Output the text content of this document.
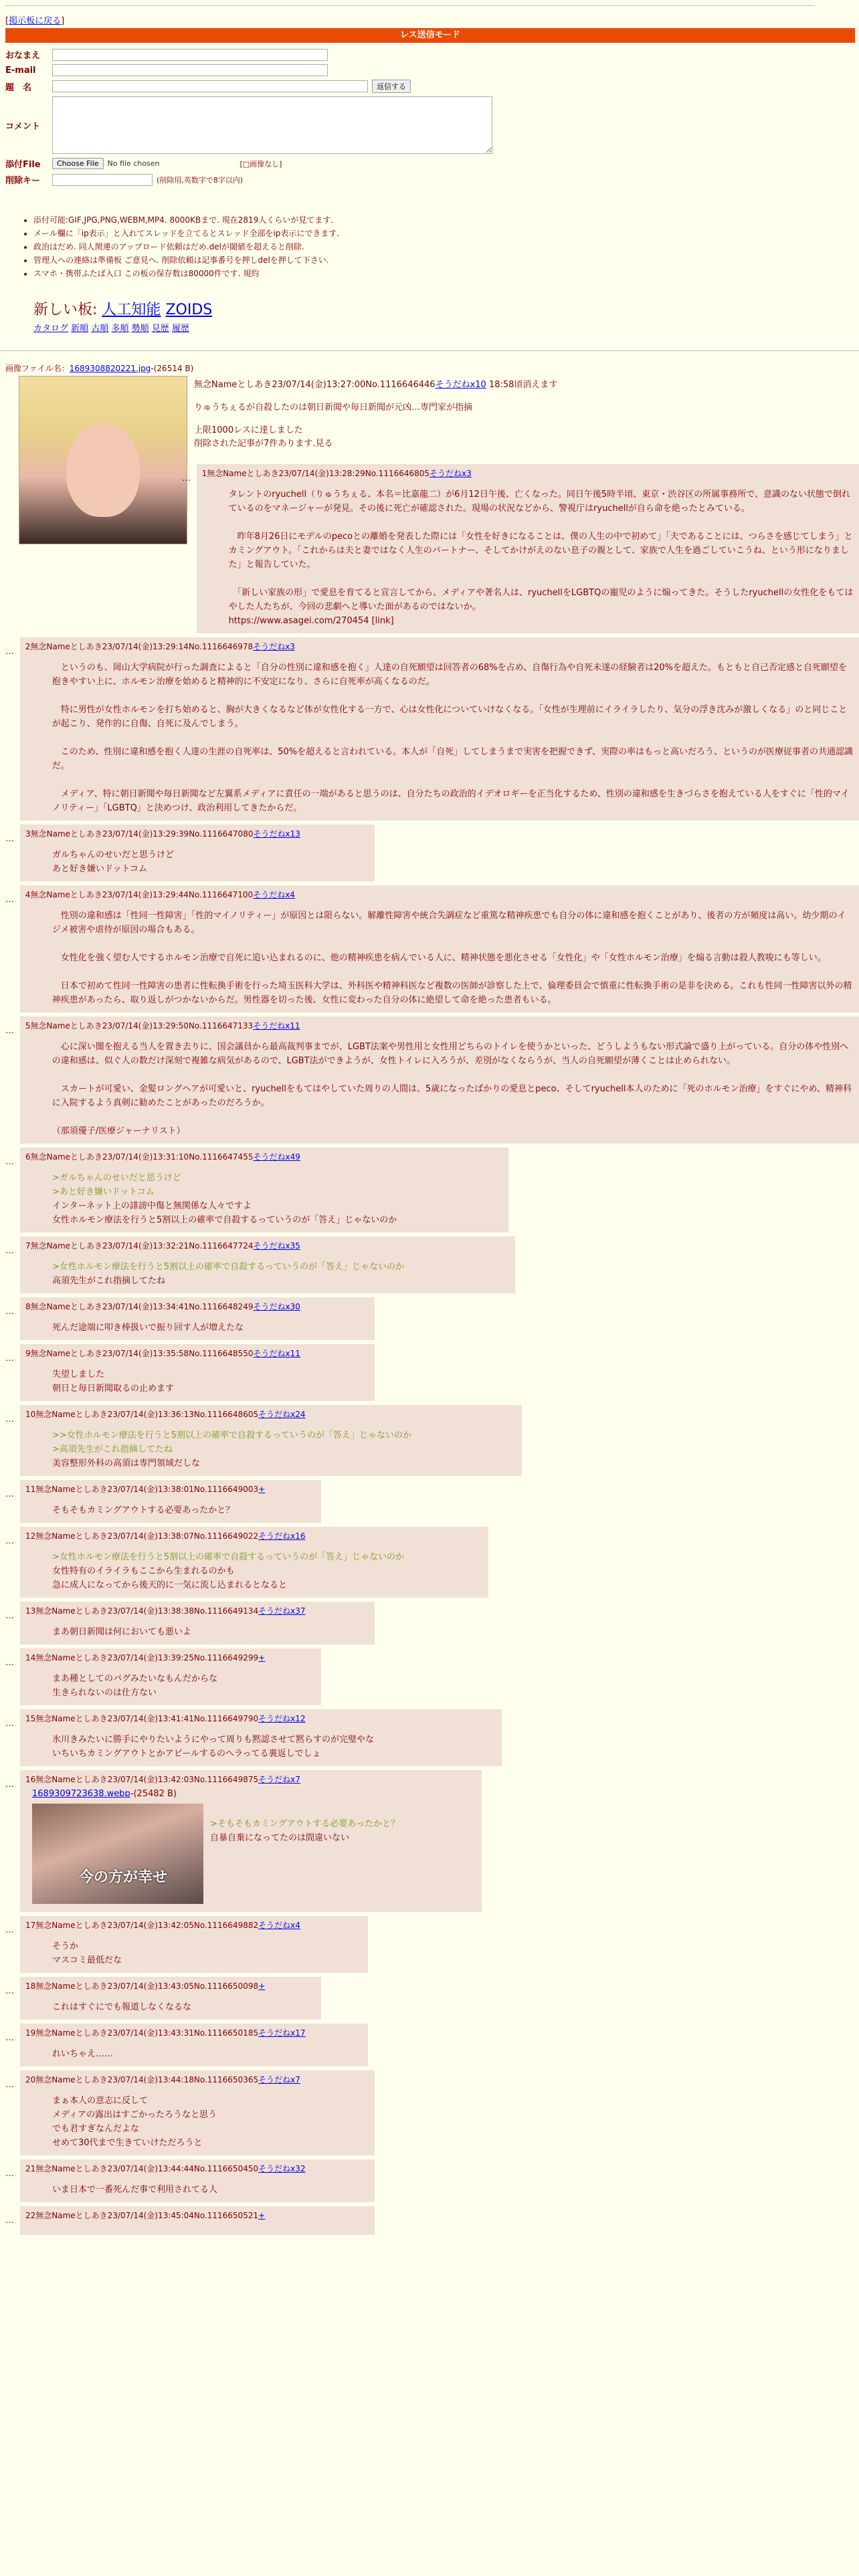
[掲示板に戻る]
レス送信モード
おなまえ
E-mail
題　名	返信する
コメント
添付File	Choose File	No file chosen	[□画像なし]
削除キー	(削除用,英数字で8字以内)
• 添付可能:GIF,JPG,PNG,WEBM,MP4. 8000KBまで. 現在2819人くらいが見てます.
• メール欄に「ip表示」と入れてスレッドを立てるとスレッド全部をip表示にできます.
• 政治はだめ. 同人関連のアップロード依頼はだめ.delが閾値を超えると削除.
• 管理人への連絡は準備板 ご意見へ. 削除依頼は記事番号を押しdelを押して下さい.
• スマホ・携帯ふたば入口 この板の保存数は80000件です. 規約
新しい板: 人工知能 ZOIDS
カタログ 新順 古順 多順 勢順 見歴 履歴
画像ファイル名：1689308820221.jpg-(26514 B)
無念Nameとしあき23/07/14(金)13:27:00No.1116646446そうだねx10 18:58頃消えます
りゅうちぇるが自殺したのは朝日新聞や毎日新聞が元凶…専門家が指摘
上限1000レスに達しました
削除された記事が7件あります.見る
…	1無念Nameとしあき23/07/14(金)13:28:29No.1116646805そうだねx3
タレントのryuchell（りゅうちぇる、本名＝比嘉龍二）が6月12日午後、亡くなった。同日午後5時半頃、東京・渋谷区の所属事務所で、意識のない状態で倒れているのをマネージャーが発見。その後に死亡が確認された。現場の状況などから、警視庁はryuchellが自ら命を絶ったとみている。

　昨年8月26日にモデルのpecoとの離婚を発表した際には「女性を好きになることは、僕の人生の中で初めて」「夫であることには、つらさを感じてしまう」とカミングアウト。「これからは夫と妻ではなく人生のパートナー、そしてかけがえのない息子の親として、家族で人生を過ごしていこうね、という形になりました」と報告していた。

　「新しい家族の形」で愛息を育てると宣言してから、メディアや著名人は、ryuchellをLGBTQの寵児のように煽ってきた。そうしたryuchellの女性化をもてはやした人たちが、今回の悲劇へと導いた面があるのではないか。
https://www.asagei.com/270454 [link]
…	2無念Nameとしあき23/07/14(金)13:29:14No.1116646978そうだねx3
　というのも、岡山大学病院が行った調査によると「自分の性別に違和感を抱く」人達の自死願望は回答者の68%を占め、自傷行為や自死未遂の経験者は20%を超えた。もともと自己否定感と自死願望を抱きやすい上に、ホルモン治療を始めると精神的に不安定になり、さらに自死率が高くなるのだ。

　特に男性が女性ホルモンを打ち始めると、胸が大きくなるなど体が女性化する一方で、心は女性化についていけなくなる。「女性が生理前にイライラしたり、気分の浮き沈みが激しくなる」のと同じことが起こり、発作的に自傷、自死に及んでしまう。

　このため、性別に違和感を抱く人達の生涯の自死率は、50%を超えると言われている。本人が「自死」してしまうまで実害を把握できず、実際の率はもっと高いだろう、というのが医療従事者の共通認識だ。

　メディア、特に朝日新聞や毎日新聞など左翼系メディアに責任の一端があると思うのは、自分たちの政治的イデオロギーを正当化するため、性別の違和感を生きづらさを抱えている人をすぐに「性的マイノリティー」「LGBTQ」と決めつけ、政治利用してきたからだ。
…	3無念Nameとしあき23/07/14(金)13:29:39No.1116647080そうだねx13
ガルちゃんのせいだと思うけど
あと好き嫌いドットコム
…	4無念Nameとしあき23/07/14(金)13:29:44No.1116647100そうだねx4
　性別の違和感は「性同一性障害」「性的マイノリティー」が原因とは限らない。解離性障害や統合失調症など重篤な精神疾患でも自分の体に違和感を抱くことがあり、後者の方が頻度は高い。幼少期のイジメ被害や虐待が原因の場合もある。

　女性化を強く望む人でするホルモン治療で自死に追い込まれるのに、他の精神疾患を病んでいる人に、精神状態を悪化させる「女性化」や「女性ホルモン治療」を煽る言動は殺人教唆にも等しい。

　日本で初めて性同一性障害の患者に性転換手術を行った埼玉医科大学は、外科医や精神科医など複数の医師が診察した上で、倫理委員会で慎重に性転換手術の是非を決める。これも性同一性障害以外の精神疾患があったら、取り返しがつかないからだ。男性器を切った後、女性に変わった自分の体に絶望して命を絶った患者もいる。
…	5無念Nameとしあき23/07/14(金)13:29:50No.1116647133そうだねx11
　心に深い闇を抱える当人を置き去りに、国会議員から最高裁判事までが、LGBT法案や男性用と女性用どちらのトイレを使うかといった、どうしようもない形式論で盛り上がっている。自分の体や性別への違和感は、似ぐ人の数だけ深刻で複雑な病気があるので、LGBT法ができようが、女性トイレに入ろうが、差別がなくならうが、当人の自死願望が薄くことは止められない。

　スカートが可愛い、金髪ロングヘアが可愛いと、ryuchellをもてはやしていた周りの人間は、5歳になったばかりの愛息とpeco、そしてryuchell本人のために「死のホルモン治療」をすぐにやめ、精神科に入院するよう真剣に勧めたことがあったのだろうか。

（那須優子/医療ジャーナリスト）
…	6無念Nameとしあき23/07/14(金)13:31:10No.1116647455そうだねx49
>ガルちゃんのせいだと思うけど
>あと好き嫌いドットコム
インターネット上の誹謗中傷と無関係な人々ですよ
女性ホルモン療法を行うと5割以上の確率で自殺するっていうのが「答え」じゃないのか
…	7無念Nameとしあき23/07/14(金)13:32:21No.1116647724そうだねx35
>女性ホルモン療法を行うと5割以上の確率で自殺するっていうのが「答え」じゃないのか
高須先生がこれ指摘してたね
…	8無念Nameとしあき23/07/14(金)13:34:41No.1116648249そうだねx30
死んだ途端に叩き棒扱いで振り回す人が増えたな
…	9無念Nameとしあき23/07/14(金)13:35:58No.1116648550そうだねx11
失望しました
朝日と毎日新聞取るの止めます
…	10無念Nameとしあき23/07/14(金)13:36:13No.1116648605そうだねx24
>>女性ホルモン療法を行うと5割以上の確率で自殺するっていうのが「答え」じゃないのか
>高須先生がこれ指摘してたね
美容整形外科の高須は専門領域だしな
…	11無念Nameとしあき23/07/14(金)13:38:01No.1116649003+
そもそもカミングアウトする必要あったかと？
…	12無念Nameとしあき23/07/14(金)13:38:07No.1116649022そうだねx16
>女性ホルモン療法を行うと5割以上の確率で自殺するっていうのが「答え」じゃないのか
女性特有のイライラもここから生まれるのかも
急に成人になってから後天的に一気に流し込まれるとなると
…	13無念Nameとしあき23/07/14(金)13:38:38No.1116649134そうだねx37
まあ朝日新聞は何においても悪いよ
…	14無念Nameとしあき23/07/14(金)13:39:25No.1116649299+
まあ種としてのバグみたいなもんだからな
生きられないのは仕方ない
…	15無念Nameとしあき23/07/14(金)13:41:41No.1116649790そうだねx12
氷川きみたいに勝手にやりたいようにやって周りも黙認させて黙らすのが完璧やな
いちいちカミングアウトとかアピールするのへラってる裏返しでしょ
…	16無念Nameとしあき23/07/14(金)13:42:03No.1116649875そうだねx7
1689309723638.webp-(25482 B)
今の方が幸せ
>そもそもカミングアウトする必要あったかと？
自暴自棄になってたのは間違いない
…	17無念Nameとしあき23/07/14(金)13:42:05No.1116649882そうだねx4
そうか
マスコミ最低だな
…	18無念Nameとしあき23/07/14(金)13:43:05No.1116650098+
これはすぐにでも報道しなくなるな
…	19無念Nameとしあき23/07/14(金)13:43:31No.1116650185そうだねx17
れいちゃえ……
…	20無念Nameとしあき23/07/14(金)13:44:18No.1116650365そうだねx7
まぁ本人の意志に反して
メディアの露出はすごかったろうなと思う
でも君すぎなんだよな
せめて30代まで生きていけただろうと
…	21無念Nameとしあき23/07/14(金)13:44:44No.1116650450そうだねx32
いま日本で一番死んだ事で利用されてる人
…	22無念Nameとしあき23/07/14(金)13:45:04No.1116650521+
